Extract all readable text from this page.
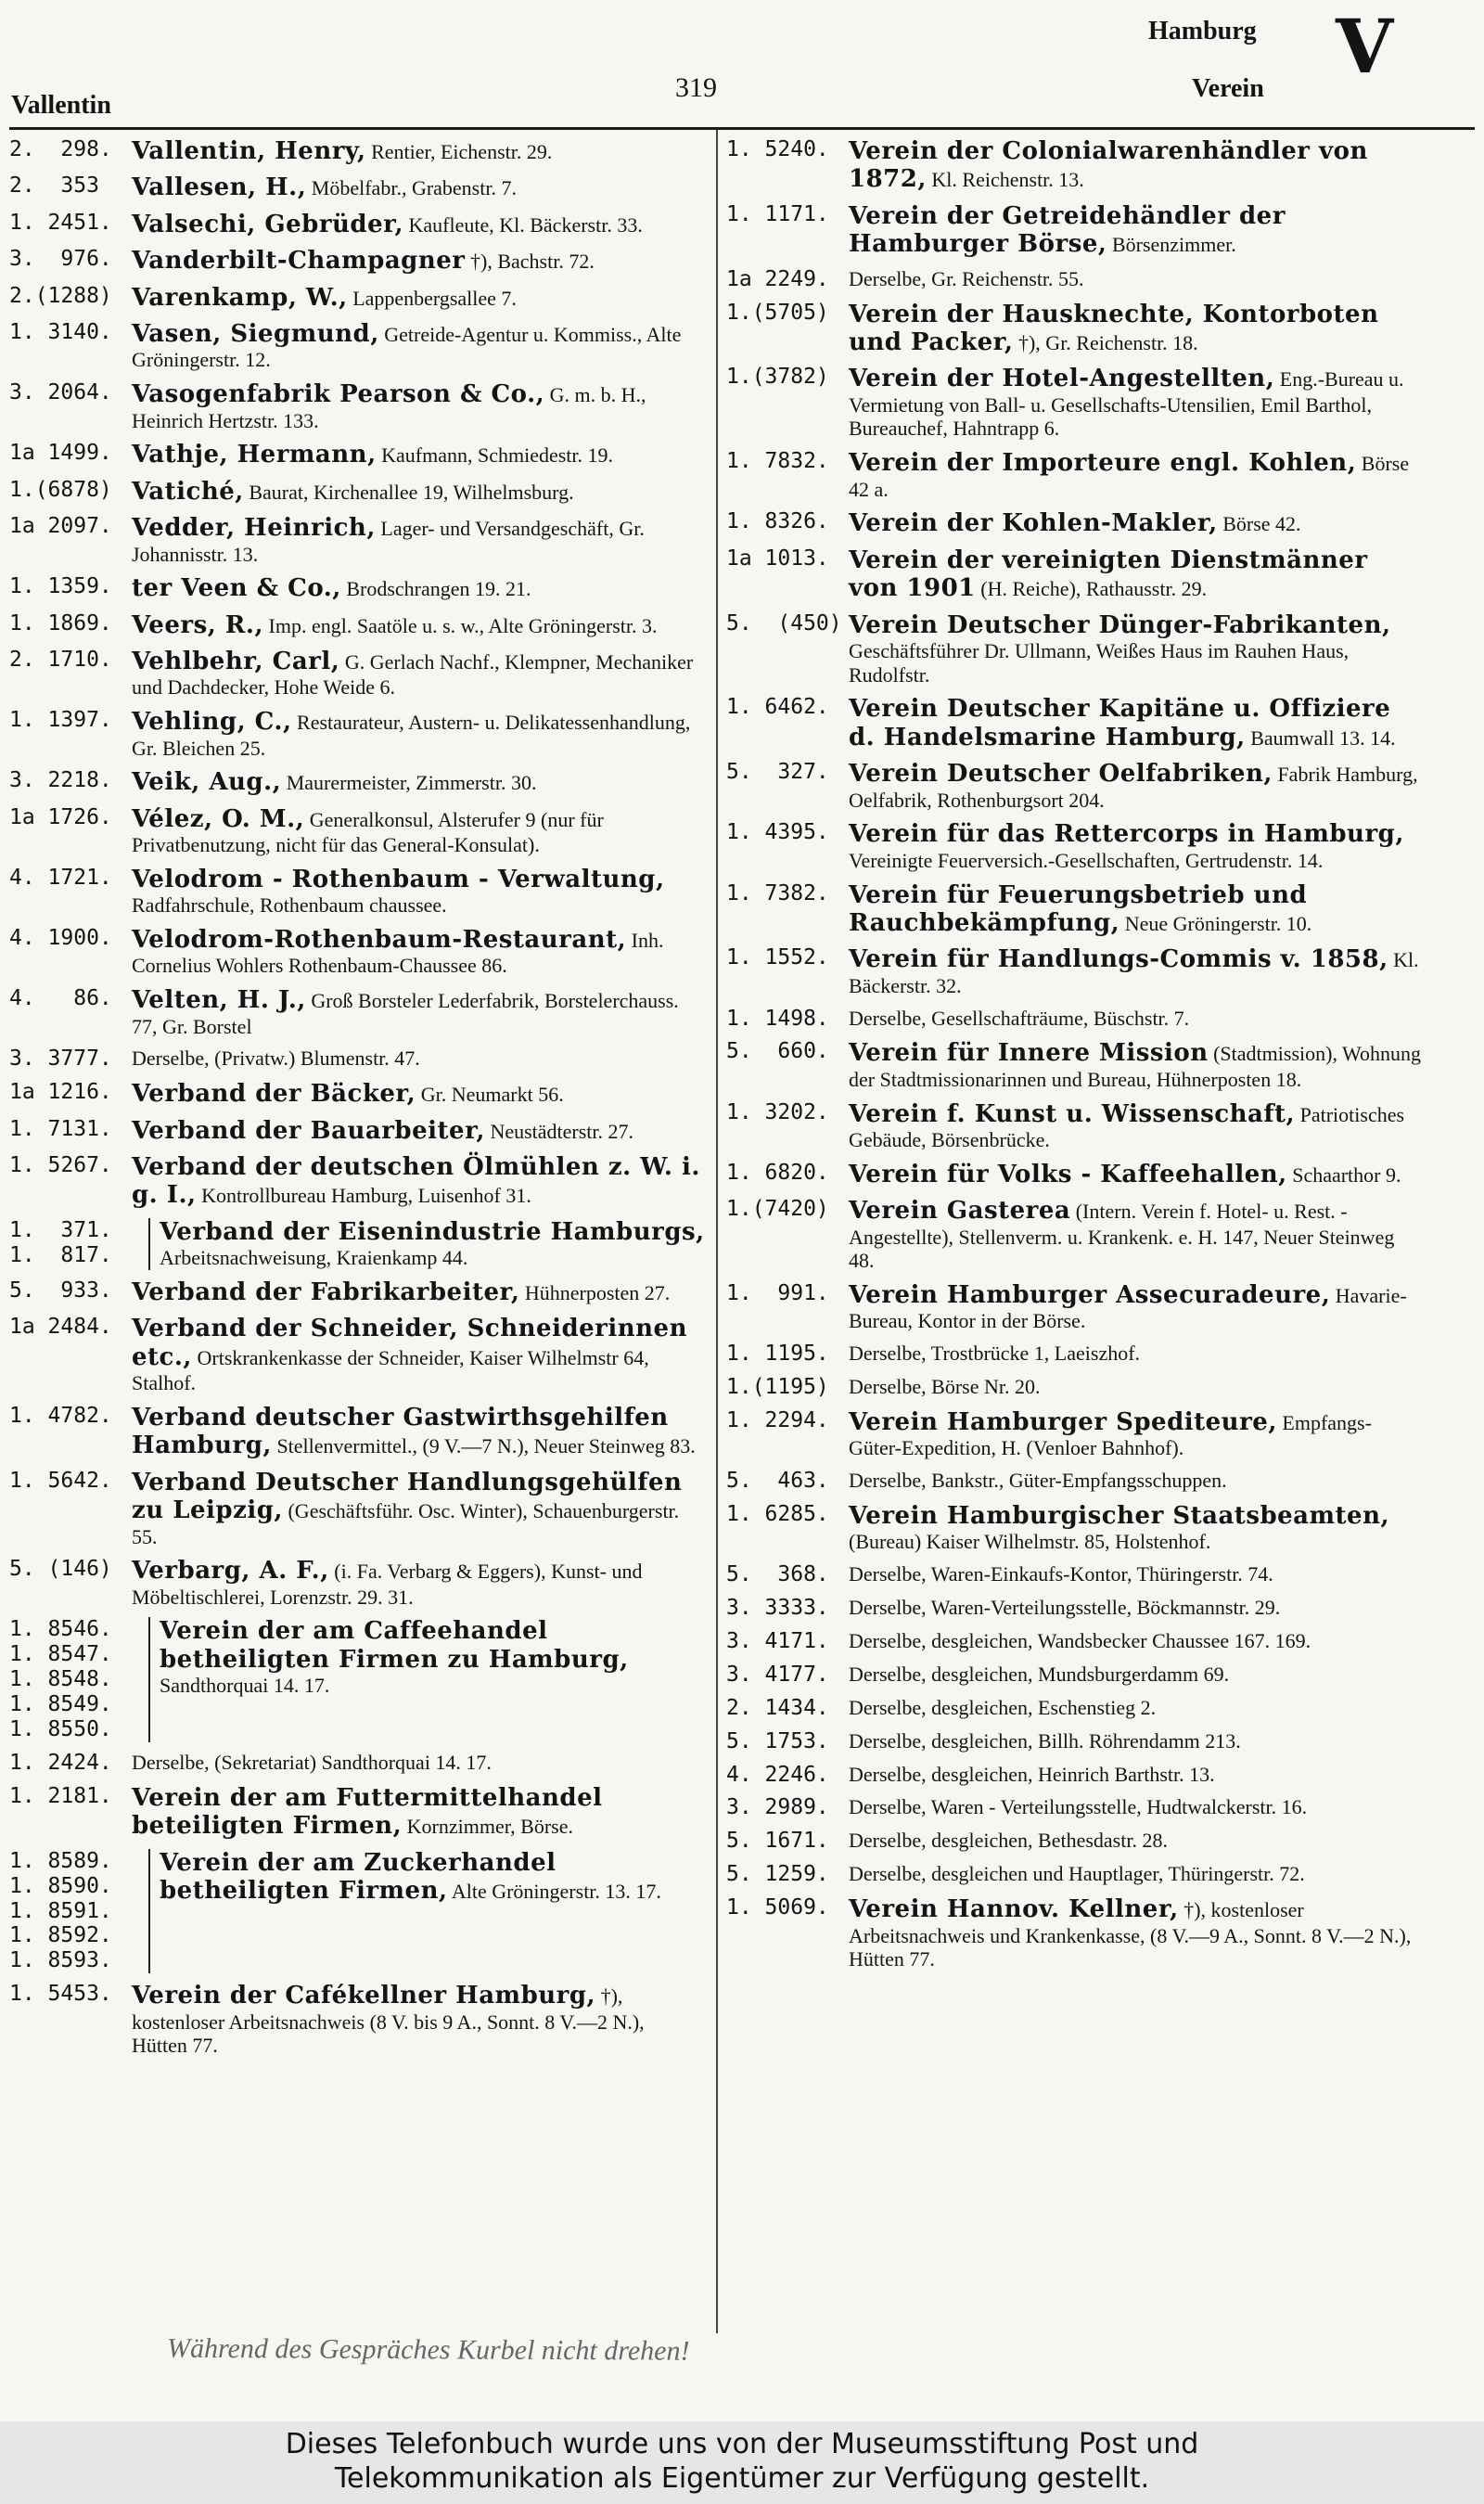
Vallentin
319
Hamburg
Verein V
2.  298. Vallentin, Henry, Rentier, Eichenstr. 29.
2.  353	Vallesen, H., Möbelfabr., Grabenstr. 7.
1. 2451. Valsechi, Gebrüder, Kaufleute, Kl. Bäckerstr. 33.
3.  976. Vanderbilt-Champagner †), Bachstr. 72.
2.(1288) Varenkamp, W., Lappenbergsallee 7.
1. 3140. Vasen, Siegmund, Getreide-Agentur u. Kommiss., Alte Gröningerstr. 12.
3. 2064. Vasogenfabrik Pearson & Co., G. m. b. H., Heinrich Hertzstr. 133.
1a 1499. Vathje, Hermann, Kaufmann, Schmiedestr. 19.
1.(6878) Vatiché, Baurat, Kirchenallee 19, Wilhelmsburg.
1a 2097. Vedder, Heinrich, Lager- und Versandgeschäft, Gr. Johannisstr. 13.
1. 1359. ter Veen & Co., Brodschrangen 19. 21.
1. 1869. Veers, R., Imp. engl. Saatöle u. s. w., Alte Gröningerstr. 3.
2. 1710. Vehlbehr, Carl, G. Gerlach Nachf., Klempner, Mechaniker und Dachdecker, Hohe Weide 6.
1. 1397. Vehling, C., Restaurateur, Austern- u. Delikatessenhandlung, Gr. Bleichen 25.
3. 2218. Veik, Aug., Maurermeister, Zimmerstr. 30.
1a 1726. Vélez, O. M., Generalkonsul, Alsterufer 9 (nur für Privatbenutzung, nicht für das General-Konsulat).
4. 1721. Velodrom - Rothenbaum - Verwaltung, Radfahrschule, Rothenbaum chaussee.
4. 1900. Velodrom-Rothenbaum-Restaurant, Inh. Cornelius Wohlers Rothenbaum-Chaussee 86.
4.   86. Velten, H. J., Groß Borsteler Lederfabrik, Borstelerchauss. 77, Gr. Borstel
3. 3777. Derselbe, (Privatw.) Blumenstr. 47.
1a 1216. Verband der Bäcker, Gr. Neumarkt 56.
1. 7131. Verband der Bauarbeiter, Neustädterstr. 27.
1. 5267. Verband der deutschen Ölmühlen z. W. i. g. I., Kontrollbureau Hamburg, Luisenhof 31.
1.  371.
1.  817.
Verband der Eisenindustrie Hamburgs, Arbeitsnachweisung, Kraienkamp 44.
5.  933. Verband der Fabrikarbeiter, Hühnerposten 27.
1a 2484. Verband der Schneider, Schneiderinnen etc., Ortskrankenkasse der Schneider, Kaiser Wilhelmstr 64, Stalhof.
1. 4782. Verband deutscher Gastwirthsgehilfen Hamburg, Stellenvermittel., (9 V.—7 N.), Neuer Steinweg 83.
1. 5642. Verband Deutscher Handlungsgehülfen zu Leipzig, (Geschäftsführ. Osc. Winter), Schauenburgerstr. 55.
5. (146) Verbarg, A. F., (i. Fa. Verbarg & Eggers), Kunst- und Möbeltischlerei, Lorenzstr. 29. 31.
1. 8546.
1. 8547.
1. 8548.
1. 8549.
1. 8550.
Verein der am Caffeehandel betheiligten Firmen zu Hamburg, Sandthorquai 14. 17.
1. 2424. Derselbe, (Sekretariat) Sandthorquai 14. 17.
1. 2181. Verein der am Futtermittelhandel beteiligten Firmen, Kornzimmer, Börse.
1. 8589.
1. 8590.
1. 8591.
1. 8592.
1. 8593.
Verein der am Zuckerhandel betheiligten Firmen, Alte Gröningerstr. 13. 17.
1. 5453. Verein der Cafékellner Hamburg, †), kostenloser Arbeitsnachweis (8 V. bis 9 A., Sonnt. 8 V.—2 N.), Hütten 77.
1. 5240. Verein der Colonialwarenhändler von 1872, Kl. Reichenstr. 13.
1. 1171. Verein der Getreidehändler der Hamburger Börse, Börsenzimmer.
1a 2249. Derselbe, Gr. Reichenstr. 55.
1.(5705) Verein der Hausknechte, Kontorboten und Packer, †), Gr. Reichenstr. 18.
1.(3782) Verein der Hotel-Angestellten, Eng.-Bureau u. Vermietung von Ball- u. Gesellschafts-Utensilien, Emil Barthol, Bureauchef, Hahntrapp 6.
1. 7832. Verein der Importeure engl. Kohlen, Börse 42 a.
1. 8326. Verein der Kohlen-Makler, Börse 42.
1a 1013. Verein der vereinigten Dienstmänner von 1901 (H. Reiche), Rathausstr. 29.
5.  (450) Verein Deutscher Dünger-Fabrikanten, Geschäftsführer Dr. Ullmann, Weißes Haus im Rauhen Haus, Rudolfstr.
1. 6462. Verein Deutscher Kapitäne u. Offiziere d. Handelsmarine Hamburg, Baumwall 13. 14.
5.  327. Verein Deutscher Oelfabriken, Fabrik Hamburg, Oelfabrik, Rothenburgsort 204.
1. 4395. Verein für das Rettercorps in Hamburg, Vereinigte Feuerversich.-Gesellschaften, Gertrudenstr. 14.
1. 7382. Verein für Feuerungsbetrieb und Rauchbekämpfung, Neue Gröningerstr. 10.
1. 1552. Verein für Handlungs-Commis v. 1858, Kl. Bäckerstr. 32.
1. 1498. Derselbe, Gesellschafträume, Büschstr. 7.
5.  660. Verein für Innere Mission (Stadtmission), Wohnung der Stadtmissionarinnen und Bureau, Hühnerposten 18.
1. 3202. Verein f. Kunst u. Wissenschaft, Patriotisches Gebäude, Börsenbrücke.
1. 6820. Verein für Volks - Kaffeehallen, Schaarthor 9.
1.(7420) Verein Gasterea (Intern. Verein f. Hotel- u. Rest. - Angestellte), Stellenverm. u. Krankenk. e. H. 147, Neuer Steinweg 48.
1.  991. Verein Hamburger Assecuradeure, Havarie-Bureau, Kontor in der Börse.
1. 1195. Derselbe, Trostbrücke 1, Laeiszhof.
1.(1195) Derselbe, Börse Nr. 20.
1. 2294. Verein Hamburger Spediteure, Empfangs-Güter-Expedition, H. (Venloer Bahnhof).
5.  463. Derselbe, Bankstr., Güter-Empfangsschuppen.
1. 6285. Verein Hamburgischer Staatsbeamten, (Bureau) Kaiser Wilhelmstr. 85, Holstenhof.
5.  368. Derselbe, Waren-Einkaufs-Kontor, Thüringerstr. 74.
3. 3333. Derselbe, Waren-Verteilungsstelle, Böckmannstr. 29.
3. 4171. Derselbe, desgleichen, Wandsbecker Chaussee 167. 169.
3. 4177. Derselbe, desgleichen, Mundsburgerdamm 69.
2. 1434. Derselbe, desgleichen, Eschenstieg 2.
5. 1753. Derselbe, desgleichen, Billh. Röhrendamm 213.
4. 2246. Derselbe, desgleichen, Heinrich Barthstr. 13.
3. 2989. Derselbe, Waren - Verteilungsstelle, Hudtwalckerstr. 16.
5. 1671. Derselbe, desgleichen, Bethesdastr. 28.
5. 1259. Derselbe, desgleichen und Hauptlager, Thüringerstr. 72.
1. 5069. Verein Hannov. Kellner, †), kostenloser Arbeitsnachweis und Krankenkasse, (8 V.—9 A., Sonnt. 8 V.—2 N.), Hütten 77.
Während des Gespräches Kurbel nicht drehen!
Dieses Telefonbuch wurde uns von der Museumsstiftung Post und
Telekommunikation als Eigentümer zur Verfügung gestellt.
